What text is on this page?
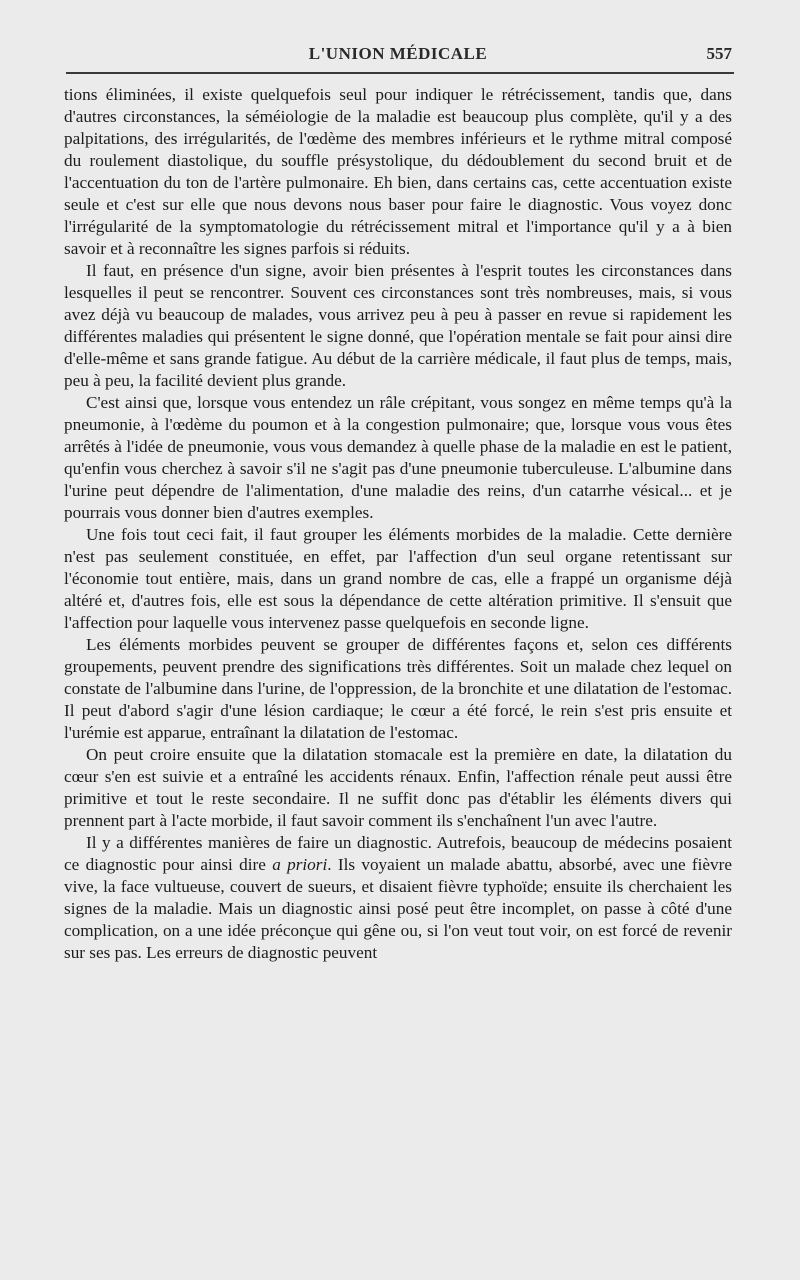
L'UNION MÉDICALE	557

tions éliminées, il existe quelquefois seul pour indiquer le rétrécissement, tandis que, dans d'autres circonstances, la séméiologie de la maladie est beaucoup plus complète, qu'il y a des palpitations, des irrégularités, de l'œdème des membres inférieurs et le rythme mitral composé du roulement diastolique, du souffle présystolique, du dédoublement du second bruit et de l'accentuation du ton de l'artère pulmonaire. Eh bien, dans certains cas, cette accentuation existe seule et c'est sur elle que nous devons nous baser pour faire le diagnostic. Vous voyez donc l'irrégularité de la symptomatologie du rétrécissement mitral et l'importance qu'il y a à bien savoir et à reconnaître les signes parfois si réduits.

Il faut, en présence d'un signe, avoir bien présentes à l'esprit toutes les circonstances dans lesquelles il peut se rencontrer. Souvent ces circonstances sont très nombreuses, mais, si vous avez déjà vu beaucoup de malades, vous arrivez peu à peu à passer en revue si rapidement les différentes maladies qui présentent le signe donné, que l'opération mentale se fait pour ainsi dire d'elle-même et sans grande fatigue. Au début de la carrière médicale, il faut plus de temps, mais, peu à peu, la facilité devient plus grande.

C'est ainsi que, lorsque vous entendez un râle crépitant, vous songez en même temps qu'à la pneumonie, à l'œdème du poumon et à la congestion pulmonaire; que, lorsque vous vous êtes arrêtés à l'idée de pneumonie, vous vous demandez à quelle phase de la maladie en est le patient, qu'enfin vous cherchez à savoir s'il ne s'agit pas d'une pneumonie tuberculeuse. L'albumine dans l'urine peut dépendre de l'alimentation, d'une maladie des reins, d'un catarrhe vésical... et je pourrais vous donner bien d'autres exemples.

Une fois tout ceci fait, il faut grouper les éléments morbides de la maladie. Cette dernière n'est pas seulement constituée, en effet, par l'affection d'un seul organe retentissant sur l'économie tout entière, mais, dans un grand nombre de cas, elle a frappé un organisme déjà altéré et, d'autres fois, elle est sous la dépendance de cette altération primitive. Il s'ensuit que l'affection pour laquelle vous intervenez passe quelquefois en seconde ligne.

Les éléments morbides peuvent se grouper de différentes façons et, selon ces différents groupements, peuvent prendre des significations très différentes. Soit un malade chez lequel on constate de l'albumine dans l'urine, de l'oppression, de la bronchite et une dilatation de l'estomac. Il peut d'abord s'agir d'une lésion cardiaque; le cœur a été forcé, le rein s'est pris ensuite et l'urémie est apparue, entraînant la dilatation de l'estomac.

On peut croire ensuite que la dilatation stomacale est la première en date, la dilatation du cœur s'en est suivie et a entraîné les accidents rénaux. Enfin, l'affection rénale peut aussi être primitive et tout le reste secondaire. Il ne suffit donc pas d'établir les éléments divers qui prennent part à l'acte morbide, il faut savoir comment ils s'enchaînent l'un avec l'autre.

Il y a différentes manières de faire un diagnostic. Autrefois, beaucoup de médecins posaient ce diagnostic pour ainsi dire a priori. Ils voyaient un malade abattu, absorbé, avec une fièvre vive, la face vultueuse, couvert de sueurs, et disaient fièvre typhoïde; ensuite ils cherchaient les signes de la maladie. Mais un diagnostic ainsi posé peut être incomplet, on passe à côté d'une complication, on a une idée préconçue qui gêne ou, si l'on veut tout voir, on est forcé de revenir sur ses pas. Les erreurs de diagnostic peuvent
